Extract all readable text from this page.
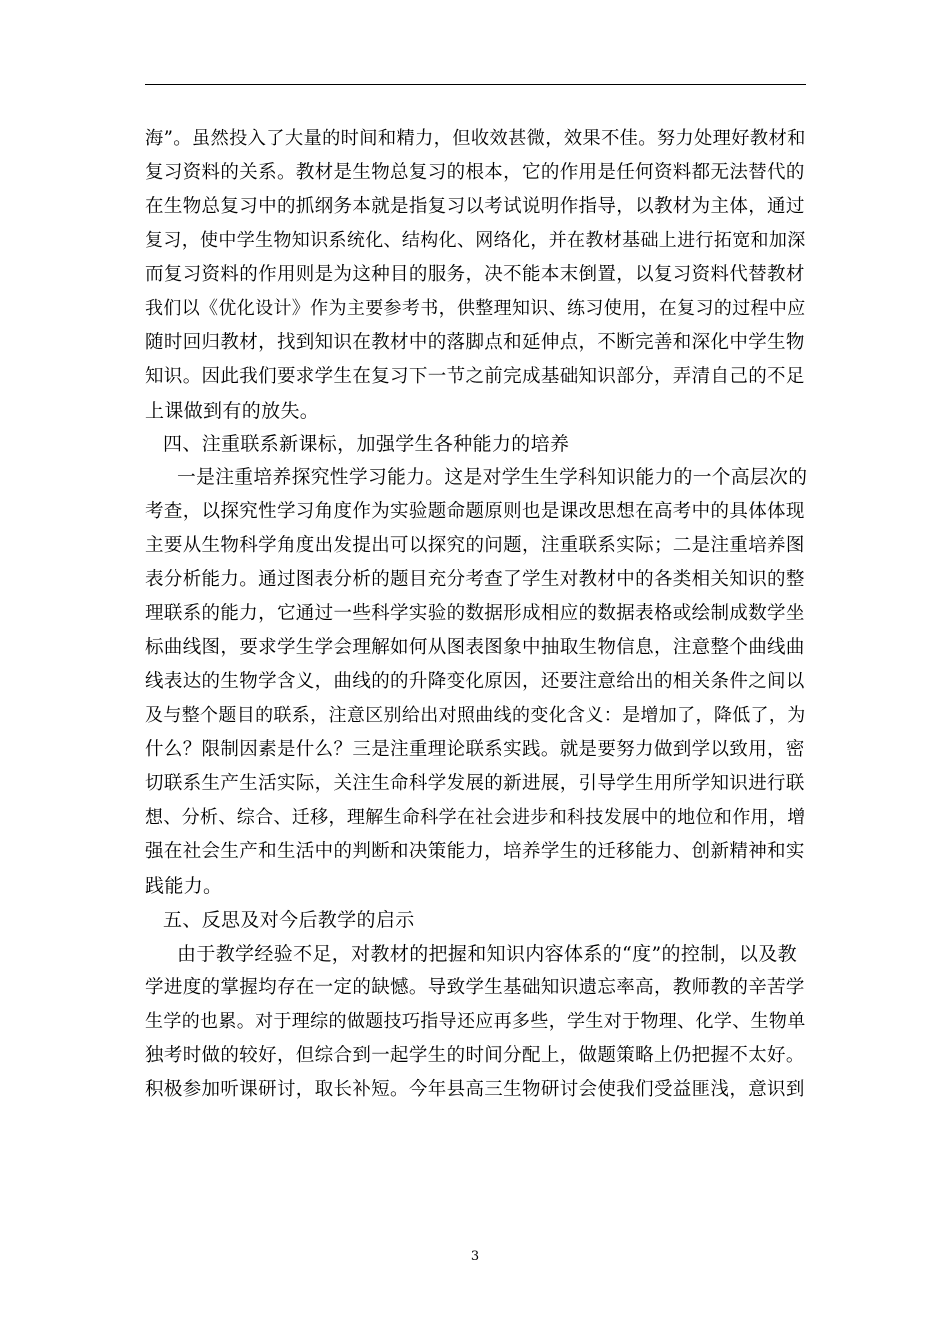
海”。虽然投入了大量的时间和精力，但收效甚微，效果不佳。努力处理好教材和
复习资料的关系。教材是生物总复习的根本，它的作用是任何资料都无法替代的
在生物总复习中的抓纲务本就是指复习以考试说明作指导，以教材为主体，通过
复习，使中学生物知识系统化、结构化、网络化，并在教材基础上进行拓宽和加深
而复习资料的作用则是为这种目的服务，决不能本末倒置，以复习资料代替教材
我们以《优化设计》作为主要参考书，供整理知识、练习使用，在复习的过程中应
随时回归教材，找到知识在教材中的落脚点和延伸点，不断完善和深化中学生物
知识。因此我们要求学生在复习下一节之前完成基础知识部分，弄清自己的不足
上课做到有的放失。
四、注重联系新课标，加强学生各种能力的培养
一是注重培养探究性学习能力。这是对学生生学科知识能力的一个高层次的
考查，以探究性学习角度作为实验题命题原则也是课改思想在高考中的具体体现
主要从生物科学角度出发提出可以探究的问题，注重联系实际；二是注重培养图
表分析能力。通过图表分析的题目充分考查了学生对教材中的各类相关知识的整
理联系的能力，它通过一些科学实验的数据形成相应的数据表格或绘制成数学坐
标曲线图，要求学生学会理解如何从图表图象中抽取生物信息，注意整个曲线曲
线表达的生物学含义，曲线的的升降变化原因，还要注意给出的相关条件之间以
及与整个题目的联系，注意区别给出对照曲线的变化含义：是增加了，降低了，为
什么？限制因素是什么？三是注重理论联系实践。就是要努力做到学以致用，密
切联系生产生活实际，关注生命科学发展的新进展，引导学生用所学知识进行联
想、分析、综合、迁移，理解生命科学在社会进步和科技发展中的地位和作用，增
强在社会生产和生活中的判断和决策能力，培养学生的迁移能力、创新精神和实
践能力。
五、反思及对今后教学的启示
由于教学经验不足，对教材的把握和知识内容体系的“度”的控制，以及教
学进度的掌握均存在一定的缺憾。导致学生基础知识遗忘率高，教师教的辛苦学
生学的也累。对于理综的做题技巧指导还应再多些，学生对于物理、化学、生物单
独考时做的较好，但综合到一起学生的时间分配上，做题策略上仍把握不太好。
积极参加听课研讨，取长补短。今年县高三生物研讨会使我们受益匪浅，意识到
3
